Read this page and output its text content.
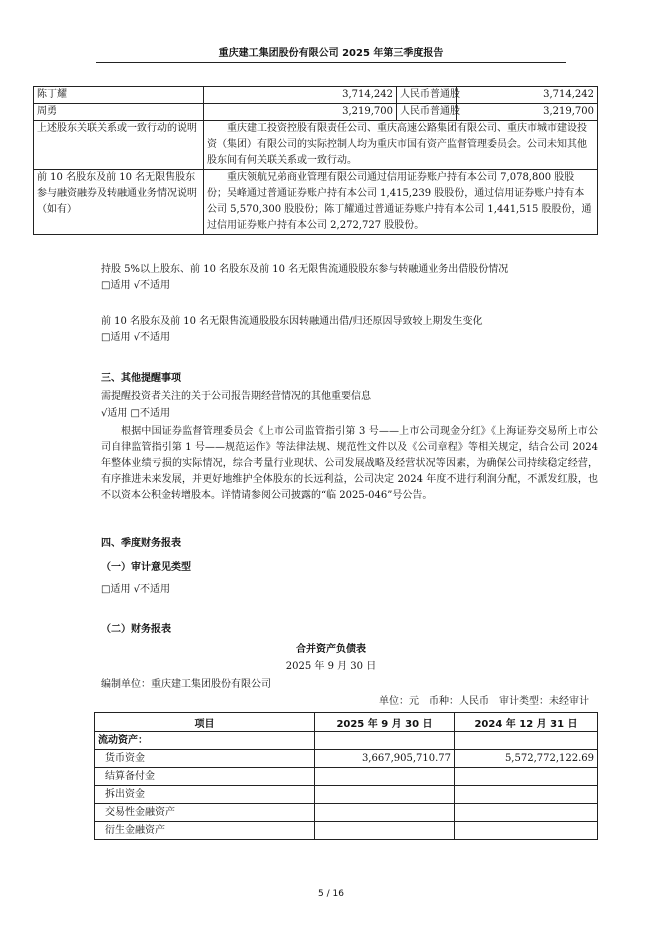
重庆建工集团股份有限公司 2025 年第三季度报告
陈丁耀	3,714,242	人民币普通股	3,714,242
周勇	3,219,700	人民币普通股	3,219,700
上述股东关联关系或一致行动的说明	重庆建工投资控股有限责任公司、重庆高速公路集团有限公司、重庆市城市建设投资（集团）有限公司的实际控制人均为重庆市国有资产监督管理委员会。公司未知其他股东间有何关联关系或一致行动。		
前 10 名股东及前 10 名无限售股东参与融资融券及转融通业务情况说明（如有）	重庆领航兄弟商业管理有限公司通过信用证券账户持有本公司 7,078,800 股股份；吴峰通过普通证券账户持有本公司 1,415,239 股股份，通过信用证券账户持有本公司 5,570,300 股股份；陈丁耀通过普通证券账户持有本公司 1,441,515 股股份，通过信用证券账户持有本公司 2,272,727 股股份。		
持股 5%以上股东、前 10 名股东及前 10 名无限售流通股股东参与转融通业务出借股份情况
□适用 √不适用
前 10 名股东及前 10 名无限售流通股股东因转融通出借/归还原因导致较上期发生变化
□适用 √不适用
三、其他提醒事项
需提醒投资者关注的关于公司报告期经营情况的其他重要信息
√适用 □不适用
根据中国证券监督管理委员会《上市公司监管指引第 3 号——上市公司现金分红》《上海证券交易所上市公司自律监管指引第 1 号——规范运作》等法律法规、规范性文件以及《公司章程》等相关规定，结合公司 2024 年整体业绩亏损的实际情况，综合考量行业现状、公司发展战略及经营状况等因素，为确保公司持续稳定经营，有序推进未来发展，并更好地维护全体股东的长远利益，公司决定 2024 年度不进行利润分配，不派发红股，也不以资本公积金转增股本。详情请参阅公司披露的“临 2025-046”号公告。
四、季度财务报表
（一）审计意见类型
□适用 √不适用
（二）财务报表
合并资产负债表
2025 年 9 月 30 日
编制单位：重庆建工集团股份有限公司
单位：元　币种：人民币　审计类型：未经审计
项目	2025 年 9 月 30 日	2024 年 12 月 31 日
流动资产：		
货币资金	3,667,905,710.77	5,572,772,122.69
结算备付金		
拆出资金		
交易性金融资产		
衍生金融资产		
5 / 16
